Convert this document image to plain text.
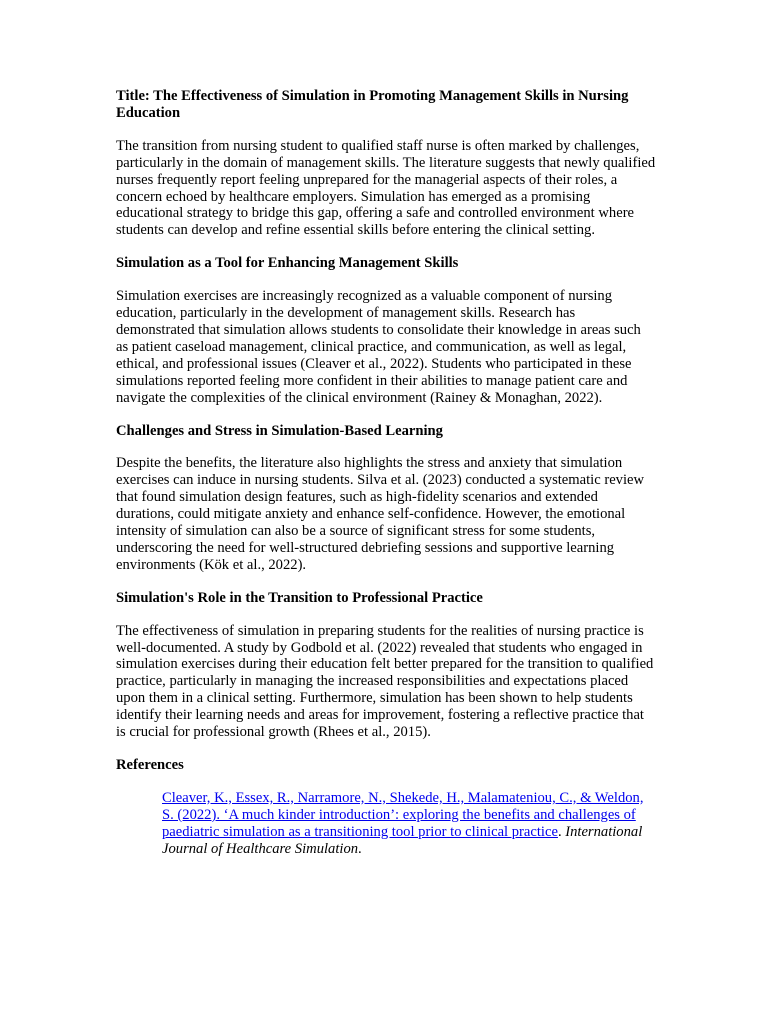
Title: The Effectiveness of Simulation in Promoting Management Skills in Nursing Education
The transition from nursing student to qualified staff nurse is often marked by challenges, particularly in the domain of management skills. The literature suggests that newly qualified nurses frequently report feeling unprepared for the managerial aspects of their roles, a concern echoed by healthcare employers. Simulation has emerged as a promising educational strategy to bridge this gap, offering a safe and controlled environment where students can develop and refine essential skills before entering the clinical setting.
Simulation as a Tool for Enhancing Management Skills
Simulation exercises are increasingly recognized as a valuable component of nursing education, particularly in the development of management skills. Research has demonstrated that simulation allows students to consolidate their knowledge in areas such as patient caseload management, clinical practice, and communication, as well as legal, ethical, and professional issues (Cleaver et al., 2022). Students who participated in these simulations reported feeling more confident in their abilities to manage patient care and navigate the complexities of the clinical environment (Rainey & Monaghan, 2022).
Challenges and Stress in Simulation-Based Learning
Despite the benefits, the literature also highlights the stress and anxiety that simulation exercises can induce in nursing students. Silva et al. (2023) conducted a systematic review that found simulation design features, such as high-fidelity scenarios and extended durations, could mitigate anxiety and enhance self-confidence. However, the emotional intensity of simulation can also be a source of significant stress for some students, underscoring the need for well-structured debriefing sessions and supportive learning environments (Kök et al., 2022).
Simulation's Role in the Transition to Professional Practice
The effectiveness of simulation in preparing students for the realities of nursing practice is well-documented. A study by Godbold et al. (2022) revealed that students who engaged in simulation exercises during their education felt better prepared for the transition to qualified practice, particularly in managing the increased responsibilities and expectations placed upon them in a clinical setting. Furthermore, simulation has been shown to help students identify their learning needs and areas for improvement, fostering a reflective practice that is crucial for professional growth (Rhees et al., 2015).
References
Cleaver, K., Essex, R., Narramore, N., Shekede, H., Malamateniou, C., & Weldon, S. (2022). ‘A much kinder introduction’: exploring the benefits and challenges of paediatric simulation as a transitioning tool prior to clinical practice. International Journal of Healthcare Simulation.
